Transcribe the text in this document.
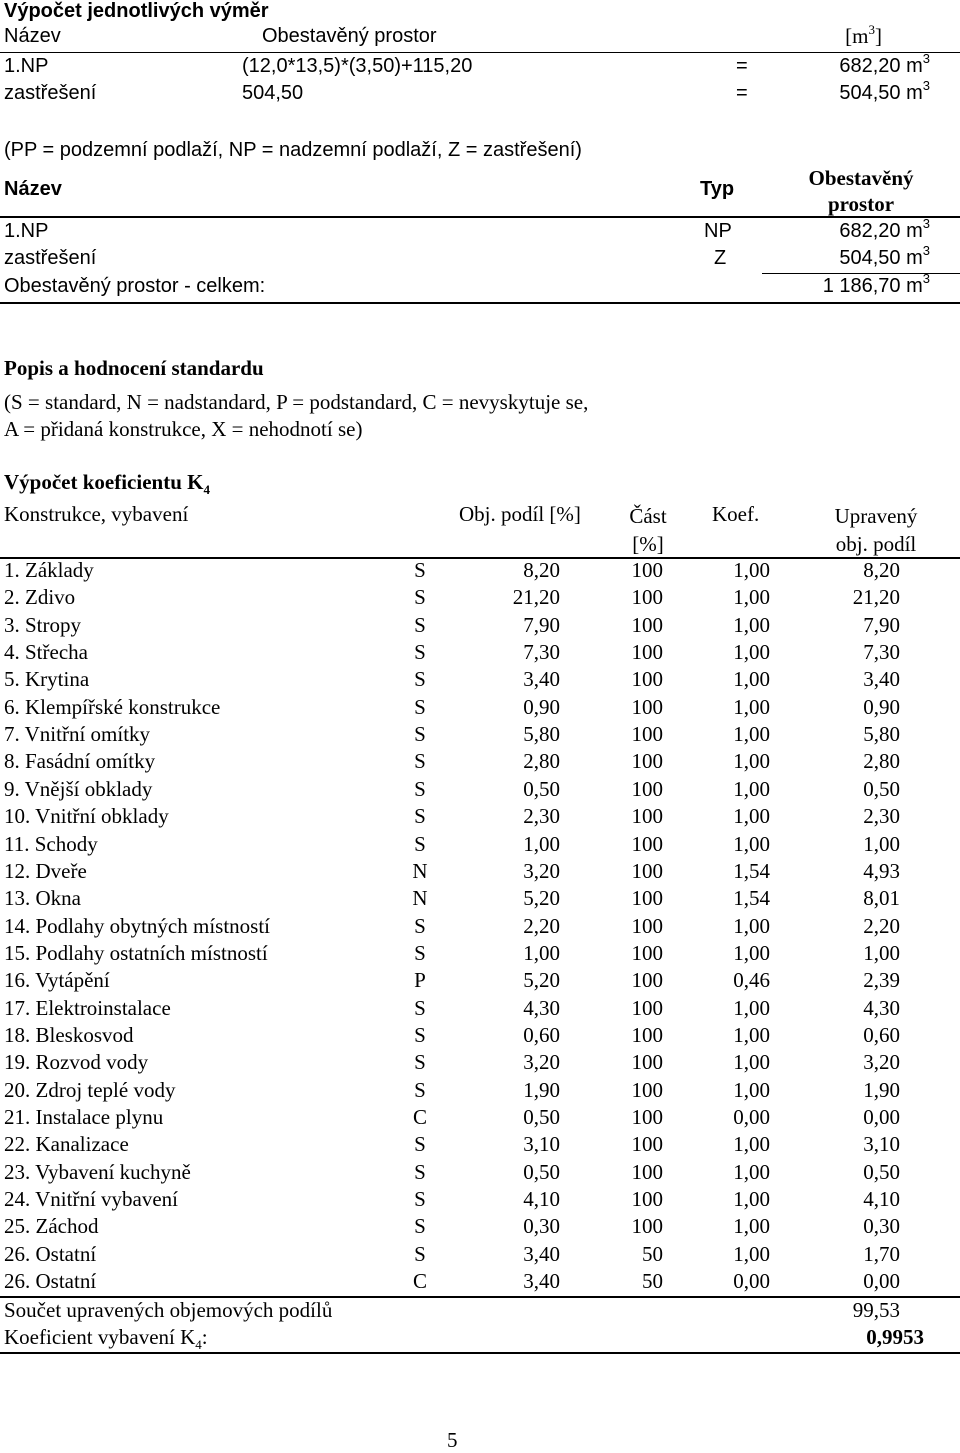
Výpočet jednotlivých výměr
Název	Obestavěný prostor	$[m^3]$
1.NP	(12,0*13,5)*(3,50)+115,20	=	682,20 $m^3$
zastřešení	504,50	=	504,50 $m^3$
(PP = podzemní podlaží, NP = nadzemní podlaží, Z = zastřešení)
Název	Typ	Obestavěný
prostor
1.NP	NP	682,20 $m^3$
zastřešení	Z	504,50 $m^3$
Obestavěný prostor - celkem:	1 186,70 $m^3$
Popis a hodnocení standardu
(S = standard, N = nadstandard, P = podstandard, C = nevyskytuje se,
A = přidaná konstrukce, X = nehodnotí se)
Výpočet koeficientu $K_4$
Konstrukce, vybavení	Obj. podíl [%]	Část
[%]
Koef.	Upravený
obj. podíl
1. Základy	S	8,20	100	1,00	8,20
2. Zdivo	S	21,20	100	1,00	21,20
3. Stropy	S	7,90	100	1,00	7,90
4. Střecha	S	7,30	100	1,00	7,30
5. Krytina	S	3,40	100	1,00	3,40
6. Klempířské konstrukce	S	0,90	100	1,00	0,90
7. Vnitřní omítky	S	5,80	100	1,00	5,80
8. Fasádní omítky	S	2,80	100	1,00	2,80
9. Vnější obklady	S	0,50	100	1,00	0,50
10. Vnitřní obklady	S	2,30	100	1,00	2,30
11. Schody	S	1,00	100	1,00	1,00
12. Dveře	N	3,20	100	1,54	4,93
13. Okna	N	5,20	100	1,54	8,01
14. Podlahy obytných místností	S	2,20	100	1,00	2,20
15. Podlahy ostatních místností	S	1,00	100	1,00	1,00
16. Vytápění	P	5,20	100	0,46	2,39
17. Elektroinstalace	S	4,30	100	1,00	4,30
18. Bleskosvod	S	0,60	100	1,00	0,60
19. Rozvod vody	S	3,20	100	1,00	3,20
20. Zdroj teplé vody	S	1,90	100	1,00	1,90
21. Instalace plynu	C	0,50	100	0,00	0,00
22. Kanalizace	S	3,10	100	1,00	3,10
23. Vybavení kuchyně	S	0,50	100	1,00	0,50
24. Vnitřní vybavení	S	4,10	100	1,00	4,10
25. Záchod	S	0,30	100	1,00	0,30
26. Ostatní	S	3,40	50	1,00	1,70
26. Ostatní	C	3,40	50	0,00	0,00
Součet upravených objemových podílů	99,53
Koeficient vybavení $K_4$:	0,9953
5
